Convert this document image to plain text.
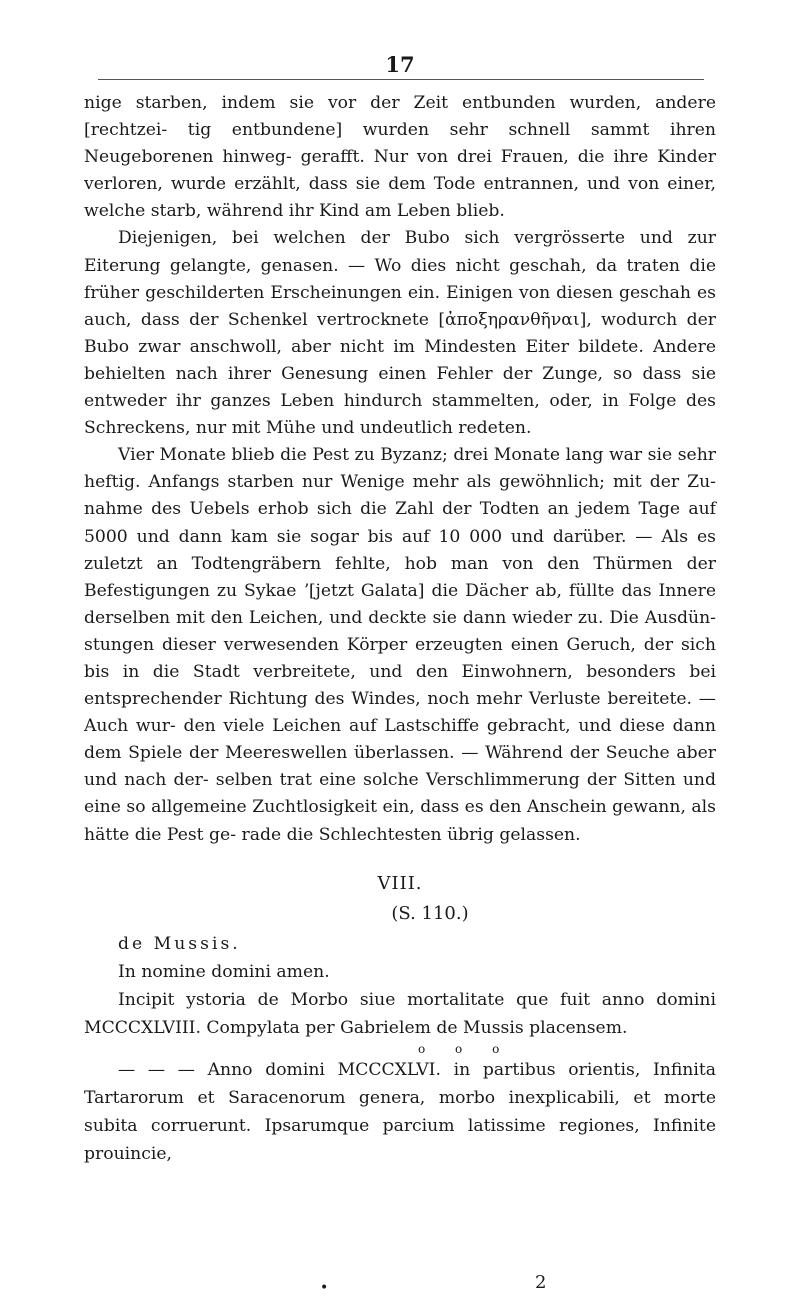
17

nige starben, indem sie vor der Zeit entbunden wurden, andere [rechtzei- tig entbundene] wurden sehr schnell sammt ihren Neugeborenen hinweg- gerafft. Nur von drei Frauen, die ihre Kinder verloren, wurde erzählt, dass sie dem Tode entrannen, und von einer, welche starb, während ihr Kind am Leben blieb.

Diejenigen, bei welchen der Bubo sich vergrösserte und zur Eiterung gelangte, genasen. — Wo dies nicht geschah, da traten die früher geschilderten Erscheinungen ein. Einigen von diesen geschah es auch, dass der Schenkel vertrocknete [ἀποξηρανθῆναι], wodurch der Bubo zwar anschwoll, aber nicht im Mindesten Eiter bildete. Andere behielten nach ihrer Genesung einen Fehler der Zunge, so dass sie entweder ihr ganzes Leben hindurch stammelten, oder, in Folge des Schreckens, nur mit Mühe und undeutlich redeten.

Vier Monate blieb die Pest zu Byzanz; drei Monate lang war sie sehr heftig. Anfangs starben nur Wenige mehr als gewöhnlich; mit der Zu- nahme des Uebels erhob sich die Zahl der Todten an jedem Tage auf 5000 und dann kam sie sogar bis auf 10 000 und darüber. — Als es zuletzt an Todtengräbern fehlte, hob man von den Thürmen der Befestigungen zu Sykae ʼ[jetzt Galata] die Dächer ab, füllte das Innere derselben mit den Leichen, und deckte sie dann wieder zu. Die Ausdün- stungen dieser verwesenden Körper erzeugten einen Geruch, der sich bis in die Stadt verbreitete, und den Einwohnern, besonders bei entsprechender Richtung des Windes, noch mehr Verluste bereitete. — Auch wur- den viele Leichen auf Lastschiffe gebracht, und diese dann dem Spiele der Meereswellen überlassen. — Während der Seuche aber und nach der- selben trat eine solche Verschlimmerung der Sitten und eine so allgemeine Zuchtlosigkeit ein, dass es den Anschein gewann, als hätte die Pest ge- rade die Schlechtesten übrig gelassen.

VIII.
(S. 110.)
de Mussis.

In nomine domini amen.

Incipit ystoria de Morbo siue mortalitate que fuit anno domini MCCCXLVIII. Compylata per Gabrielem de Mussis placensem.

o o o

— — — Anno domini MCCCXLVI. in partibus orientis, Infinita Tartarorum et Saracenorum genera, morbo inexplicabili, et morte subita corruerunt. Ipsarumque parcium latissime regiones, Infinite prouincie,

•	2
